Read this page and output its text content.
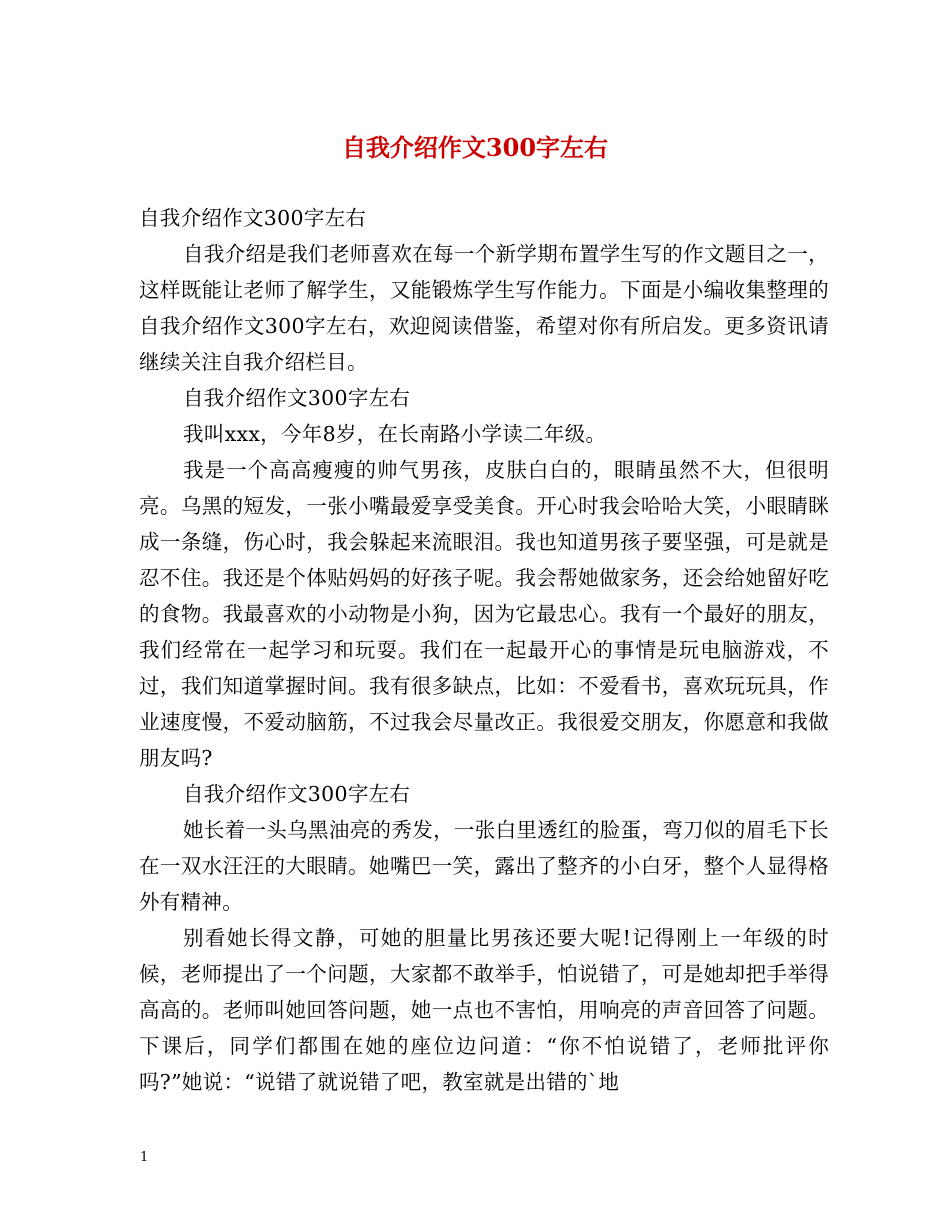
自我介绍作文300字左右

自我介绍作文300字左右

自我介绍是我们老师喜欢在每一个新学期布置学生写的作文题目之一，这样既能让老师了解学生，又能锻炼学生写作能力。下面是小编收集整理的自我介绍作文300字左右，欢迎阅读借鉴，希望对你有所启发。更多资讯请继续关注自我介绍栏目。

自我介绍作文300字左右

我叫xxx，今年8岁，在长南路小学读二年级。

我是一个高高瘦瘦的帅气男孩，皮肤白白的，眼睛虽然不大，但很明亮。乌黑的短发，一张小嘴最爱享受美食。开心时我会哈哈大笑，小眼睛眯成一条缝，伤心时，我会躲起来流眼泪。我也知道男孩子要坚强，可是就是忍不住。我还是个体贴妈妈的好孩子呢。我会帮她做家务，还会给她留好吃的食物。我最喜欢的小动物是小狗，因为它最忠心。我有一个最好的朋友，我们经常在一起学习和玩耍。我们在一起最开心的事情是玩电脑游戏，不过，我们知道掌握时间。我有很多缺点，比如：不爱看书，喜欢玩玩具，作业速度慢，不爱动脑筋，不过我会尽量改正。我很爱交朋友，你愿意和我做朋友吗?

自我介绍作文300字左右

她长着一头乌黑油亮的秀发，一张白里透红的脸蛋，弯刀似的眉毛下长在一双水汪汪的大眼睛。她嘴巴一笑，露出了整齐的小白牙，整个人显得格外有精神。

别看她长得文静，可她的胆量比男孩还要大呢!记得刚上一年级的时候，老师提出了一个问题，大家都不敢举手，怕说错了，可是她却把手举得高高的。老师叫她回答问题，她一点也不害怕，用响亮的声音回答了问题。下课后，同学们都围在她的座位边问道：“你不怕说错了，老师批评你吗?”她说：“说错了就说错了吧，教室就是出错的`地

1
